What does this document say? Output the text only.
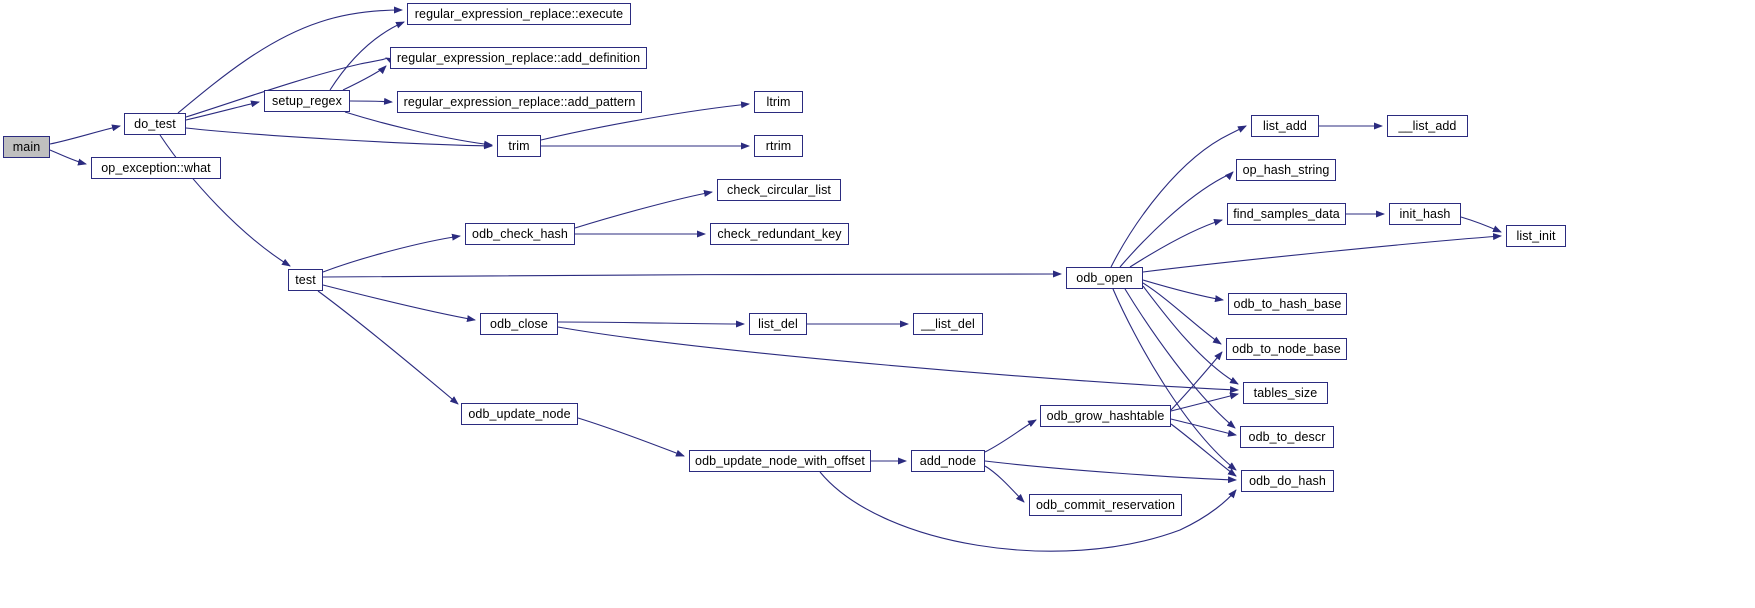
main
do_test
op_exception::what
setup_regex
regular_expression_replace::execute
regular_expression_replace::add_definition
regular_expression_replace::add_pattern
trim
ltrim
rtrim
test
odb_check_hash
check_circular_list
check_redundant_key
odb_close	list_del	__list_del
odb_update_node
odb_update_node_with_offset	add_node
odb_grow_hashtable
odb_commit_reservation
odb_open
list_add	__list_add
op_hash_string
find_samples_data	init_hash
list_init
odb_to_hash_base
odb_to_node_base
tables_size
odb_to_descr
odb_do_hash
